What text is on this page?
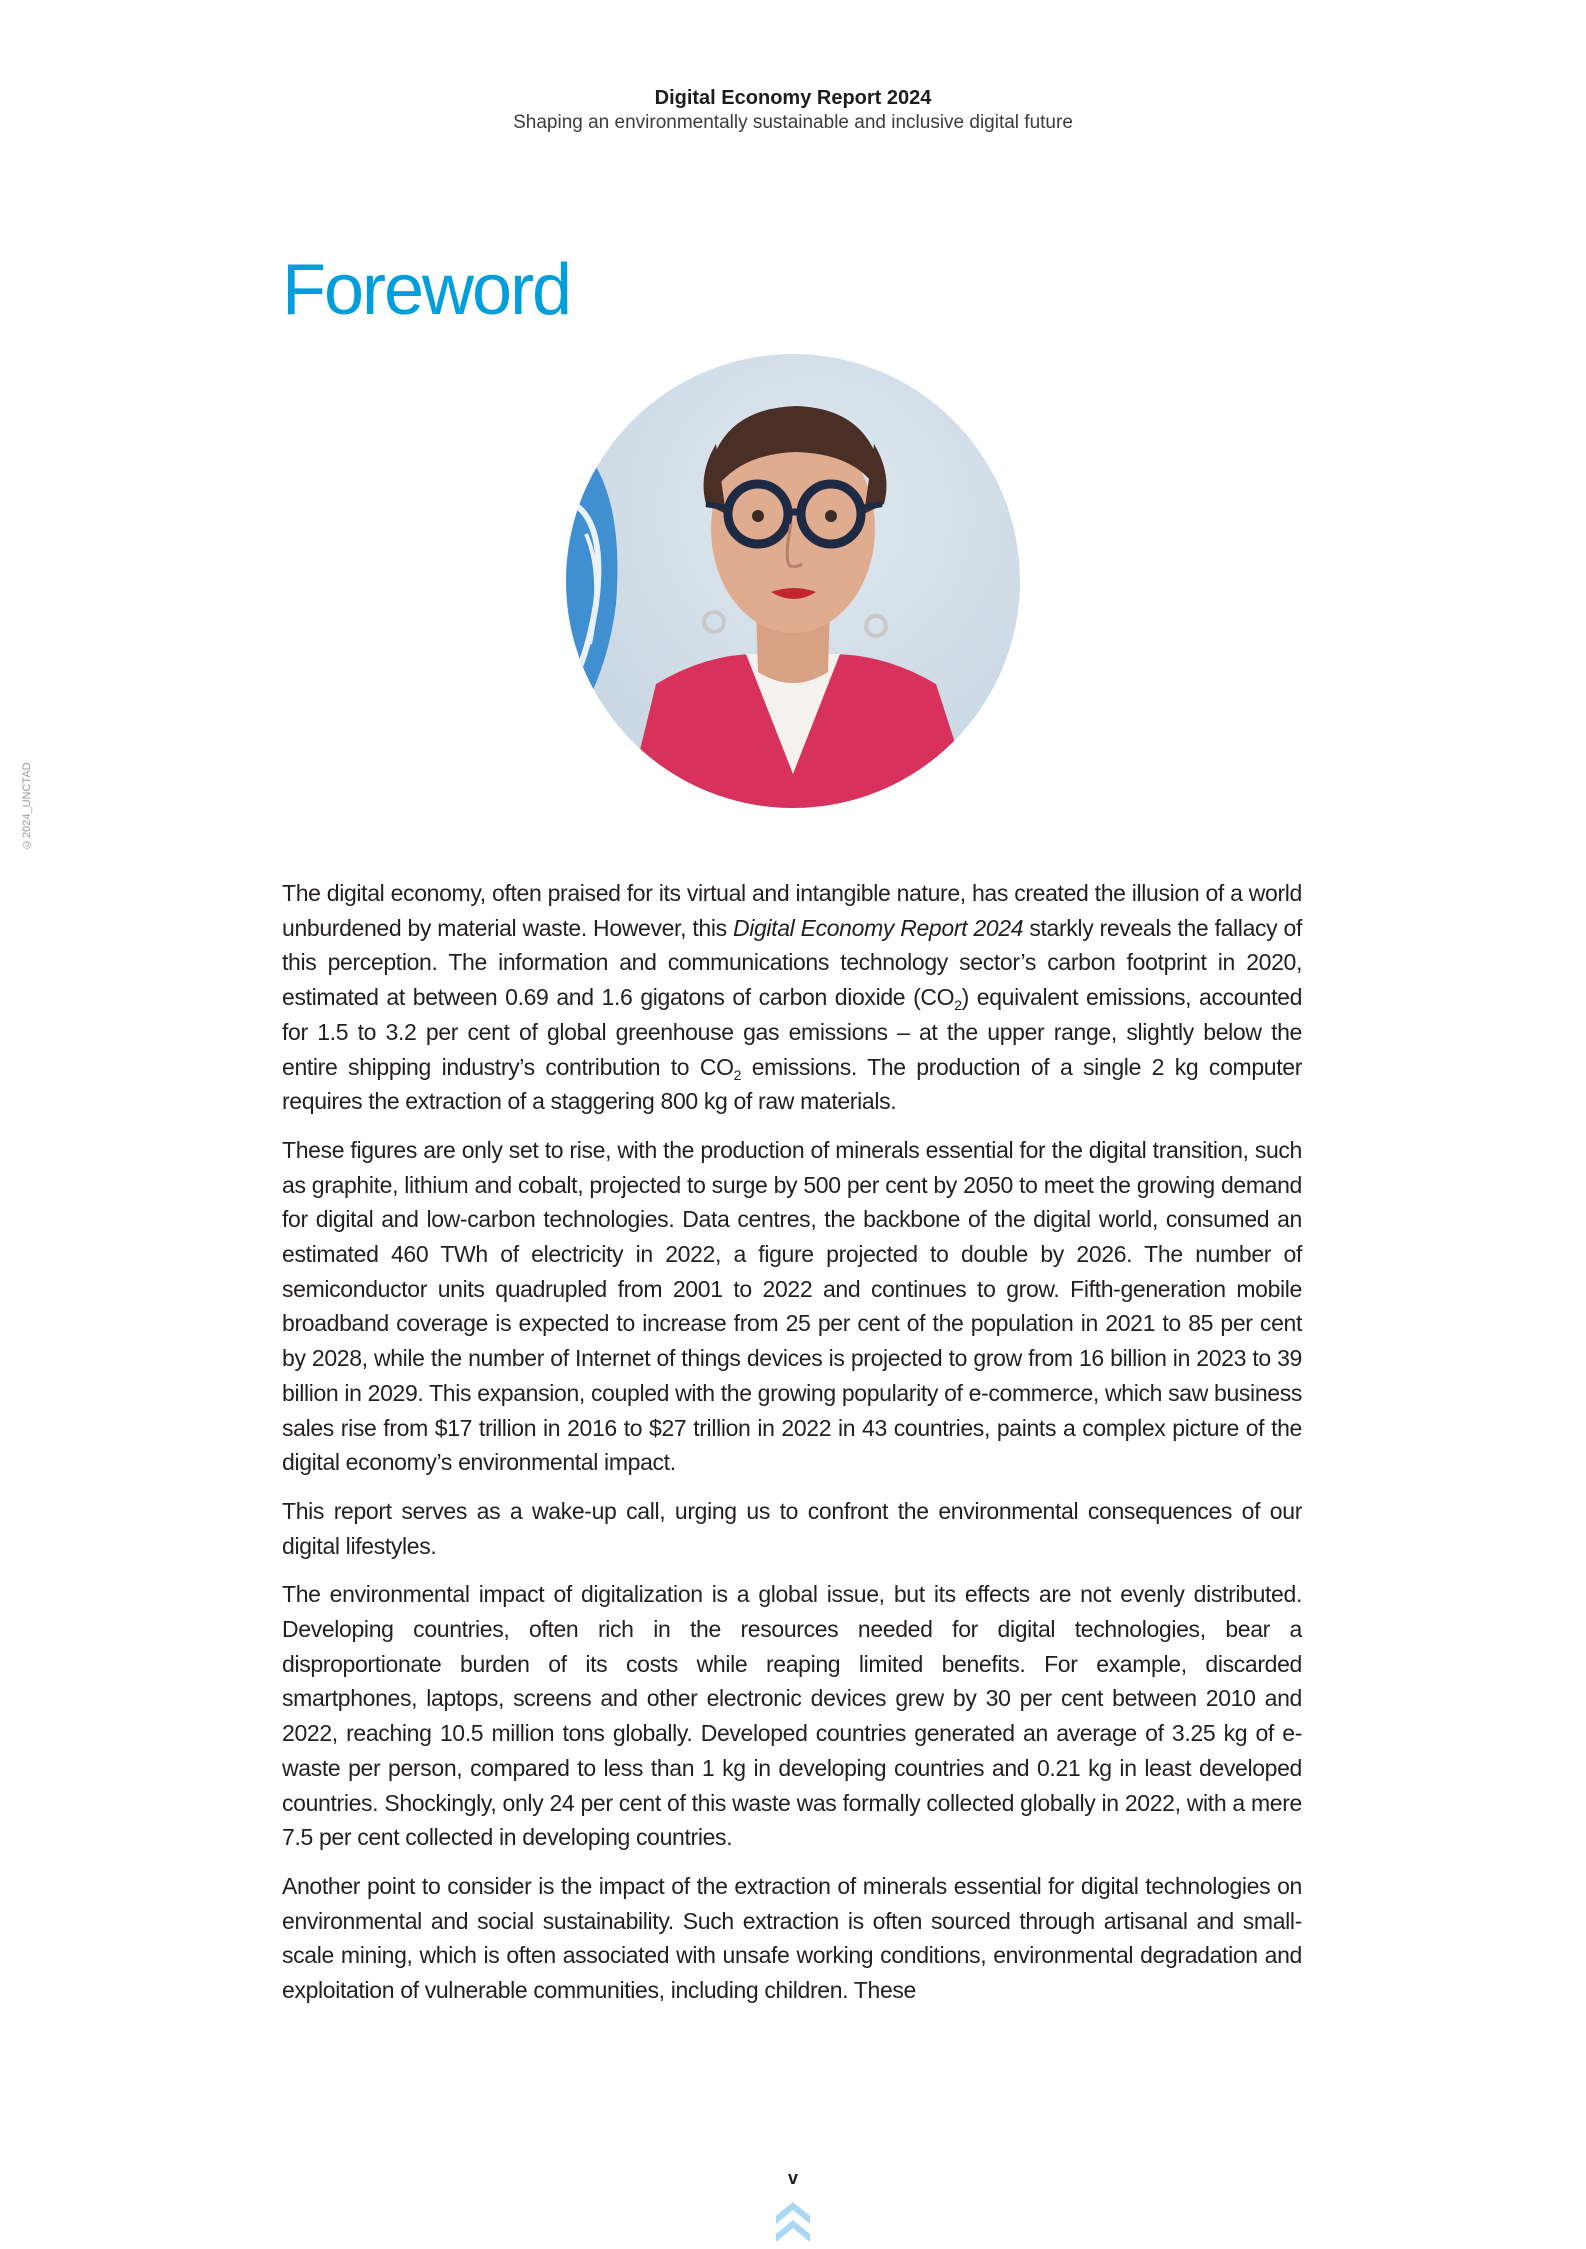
Digital Economy Report 2024
Shaping an environmentally sustainable and inclusive digital future
Foreword
©2024_UNCTAD

The digital economy, often praised for its virtual and intangible nature, has created the illusion of a world unburdened by material waste. However, this Digital Economy Report 2024 starkly reveals the fallacy of this perception. The information and communications technology sector’s carbon footprint in 2020, estimated at between 0.69 and 1.6 gigatons of carbon dioxide $(CO_2)$ equivalent emissions, accounted for 1.5 to 3.2 per cent of global greenhouse gas emissions – at the upper range, slightly below the entire shipping industry’s contribution to $CO_2$ emissions. The production of a single 2 kg computer requires the extraction of a staggering 800 kg of raw materials.

These figures are only set to rise, with the production of minerals essential for the digital transition, such as graphite, lithium and cobalt, projected to surge by 500 per cent by 2050 to meet the growing demand for digital and low-carbon technologies. Data centres, the backbone of the digital world, consumed an estimated 460 TWh of electricity in 2022, a figure projected to double by 2026. The number of semiconductor units quadrupled from 2001 to 2022 and continues to grow. Fifth-generation mobile broadband coverage is expected to increase from 25 per cent of the population in 2021 to 85 per cent by 2028, while the number of Internet of things devices is projected to grow from 16 billion in 2023 to 39 billion in 2029. This expansion, coupled with the growing popularity of e-commerce, which saw business sales rise from $17 trillion in 2016 to $27 trillion in 2022 in 43 countries, paints a complex picture of the digital economy’s environmental impact.

This report serves as a wake-up call, urging us to confront the environmental consequences of our digital lifestyles.

The environmental impact of digitalization is a global issue, but its effects are not evenly distributed. Developing countries, often rich in the resources needed for digital technologies, bear a disproportionate burden of its costs while reaping limited benefits. For example, discarded smartphones, laptops, screens and other electronic devices grew by 30 per cent between 2010 and 2022, reaching 10.5 million tons globally. Developed countries generated an average of 3.25 kg of e-waste per person, compared to less than 1 kg in developing countries and 0.21 kg in least developed countries. Shockingly, only 24 per cent of this waste was formally collected globally in 2022, with a mere 7.5 per cent collected in developing countries.

Another point to consider is the impact of the extraction of minerals essential for digital technologies on environmental and social sustainability. Such extraction is often sourced through artisanal and small-scale mining, which is often associated with unsafe working conditions, environmental degradation and exploitation of vulnerable communities, including children. These

v
